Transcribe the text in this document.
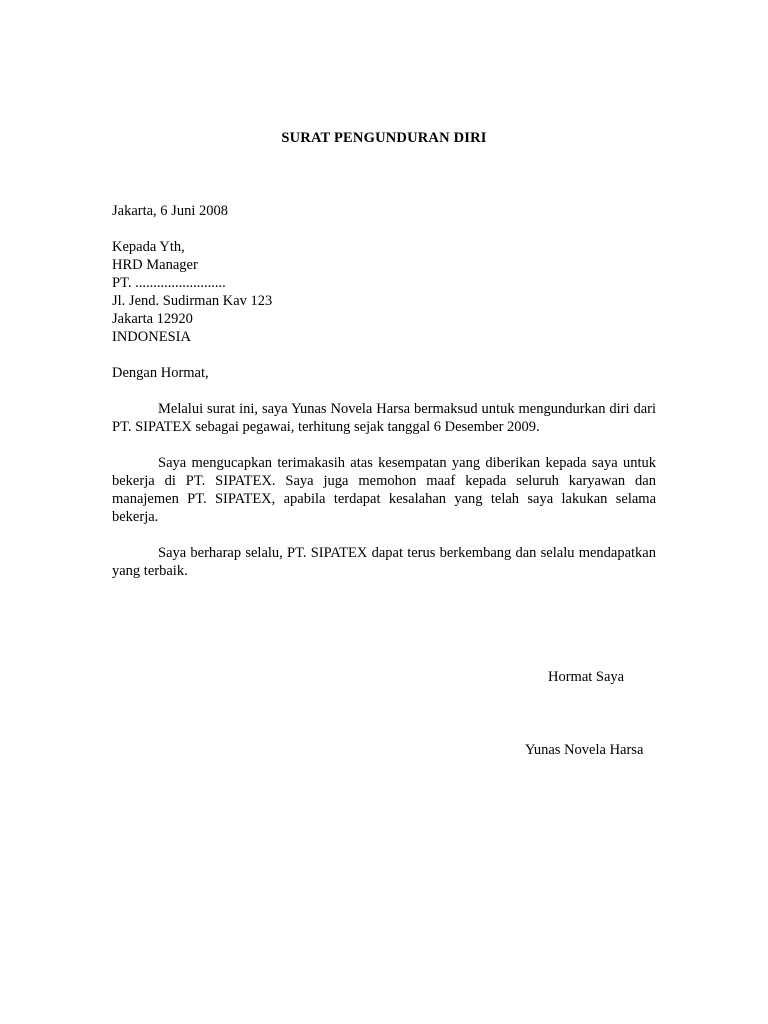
SURAT PENGUNDURAN DIRI
Jakarta, 6 Juni 2008
Kepada Yth,
HRD Manager
PT. .........................
Jl. Jend. Sudirman Kav 123
Jakarta 12920
INDONESIA
Dengan Hormat,

Melalui surat ini, saya Yunas Novela Harsa bermaksud untuk mengundurkan diri dari PT. SIPATEX sebagai pegawai, terhitung sejak tanggal 6 Desember 2009.

Saya mengucapkan terimakasih atas kesempatan yang diberikan kepada saya untuk bekerja di PT. SIPATEX. Saya juga memohon maaf kepada seluruh karyawan dan manajemen PT. SIPATEX, apabila terdapat kesalahan yang telah saya lakukan selama bekerja.

Saya berharap selalu, PT. SIPATEX dapat terus berkembang dan selalu mendapatkan yang terbaik.

Hormat Saya
Yunas Novela Harsa
